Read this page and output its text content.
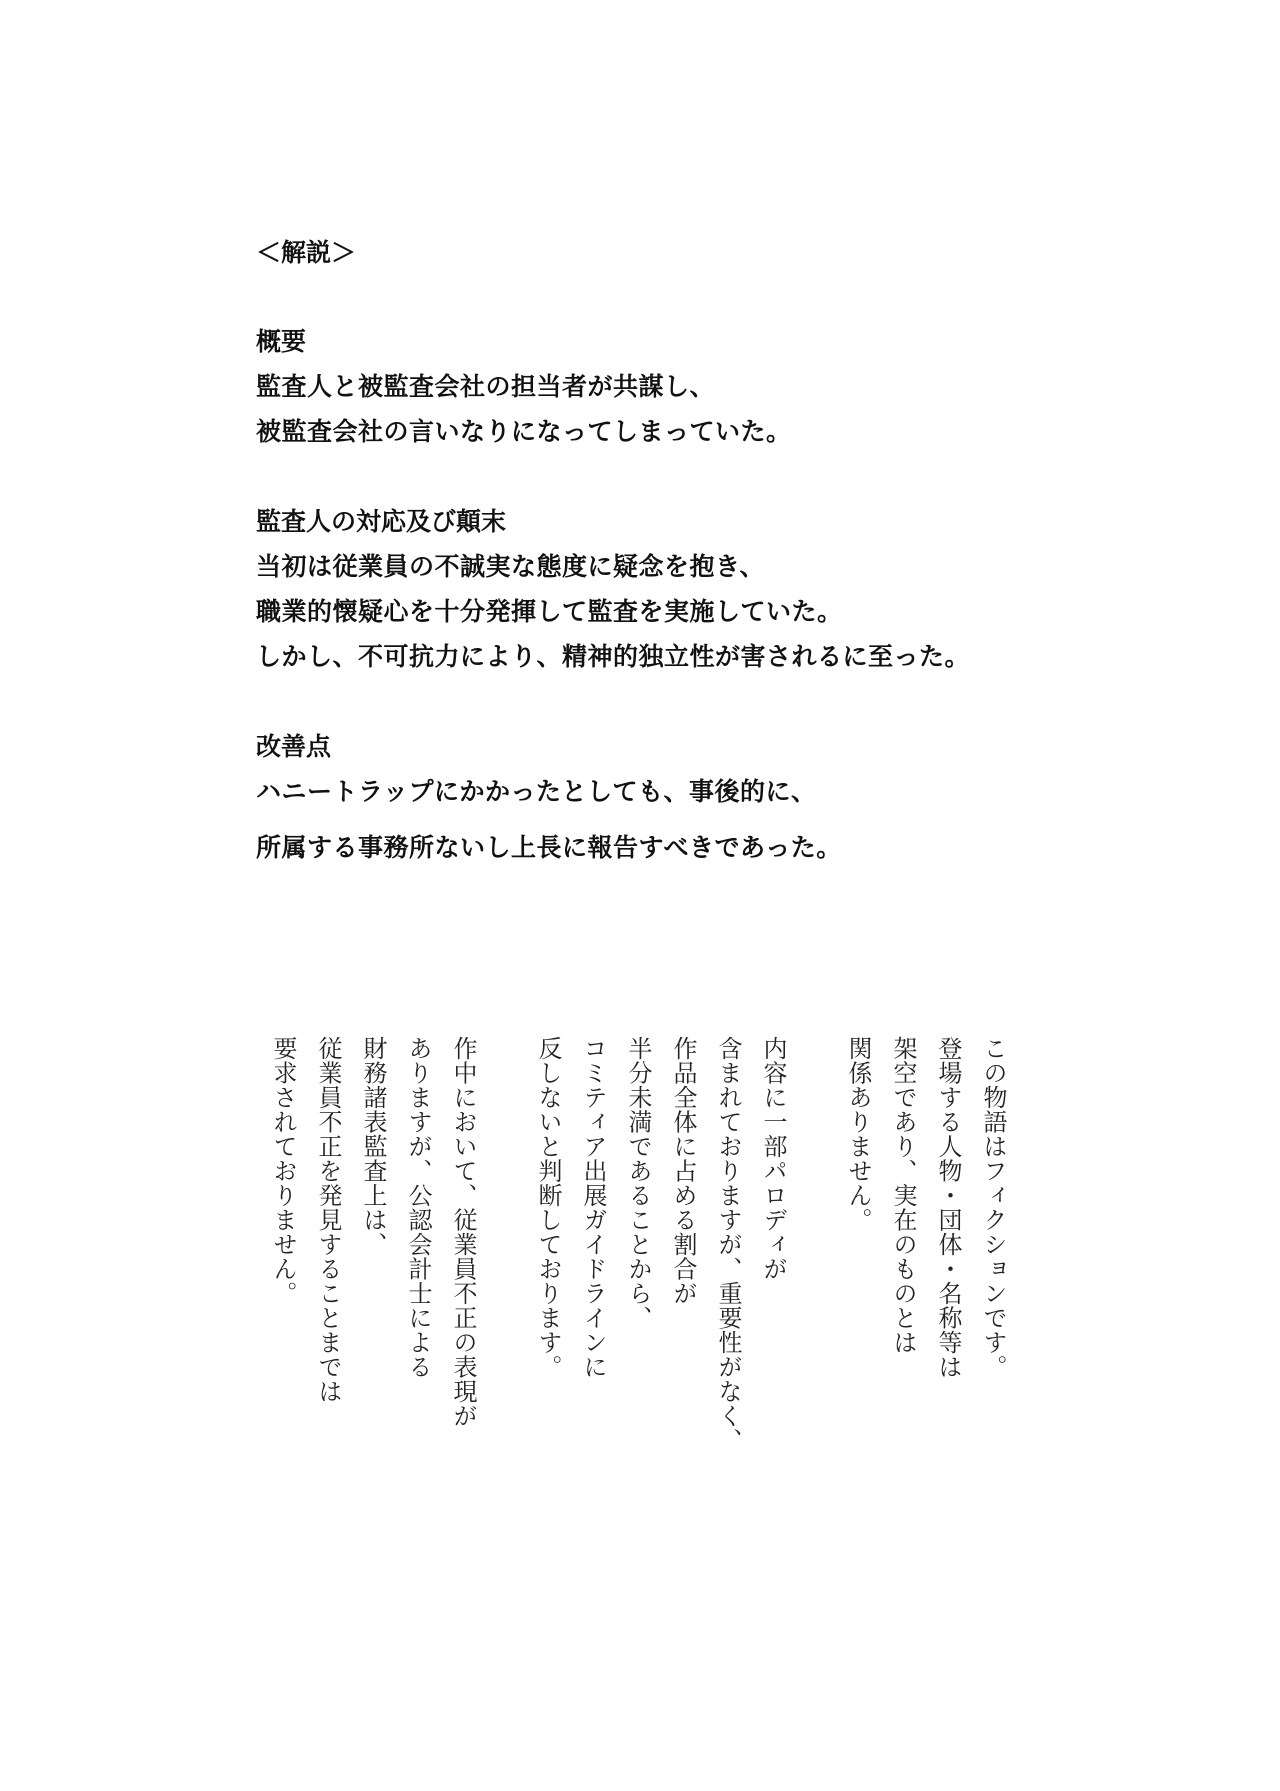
＜解説＞
概要
監査人と被監査会社の担当者が共謀し、
被監査会社の言いなりになってしまっていた。
監査人の対応及び顛末
当初は従業員の不誠実な態度に疑念を抱き、
職業的懐疑心を十分発揮して監査を実施していた。
しかし、不可抗力により、精神的独立性が害されるに至った。
改善点
ハニートラップにかかったとしても、事後的に、
所属する事務所ないし上長に報告すべきであった。
この物語はフィクションです。
登場する人物・団体・名称等は
架空であり、実在のものとは
関係ありません。
内容に一部パロディが
含まれておりますが、重要性がなく、
作品全体に占める割合が
半分未満であることから、
コミティア出展ガイドラインに
反しないと判断しております。
作中において、従業員不正の表現が
ありますが、公認会計士による
財務諸表監査上は、
従業員不正を発見することまでは
要求されておりません。
